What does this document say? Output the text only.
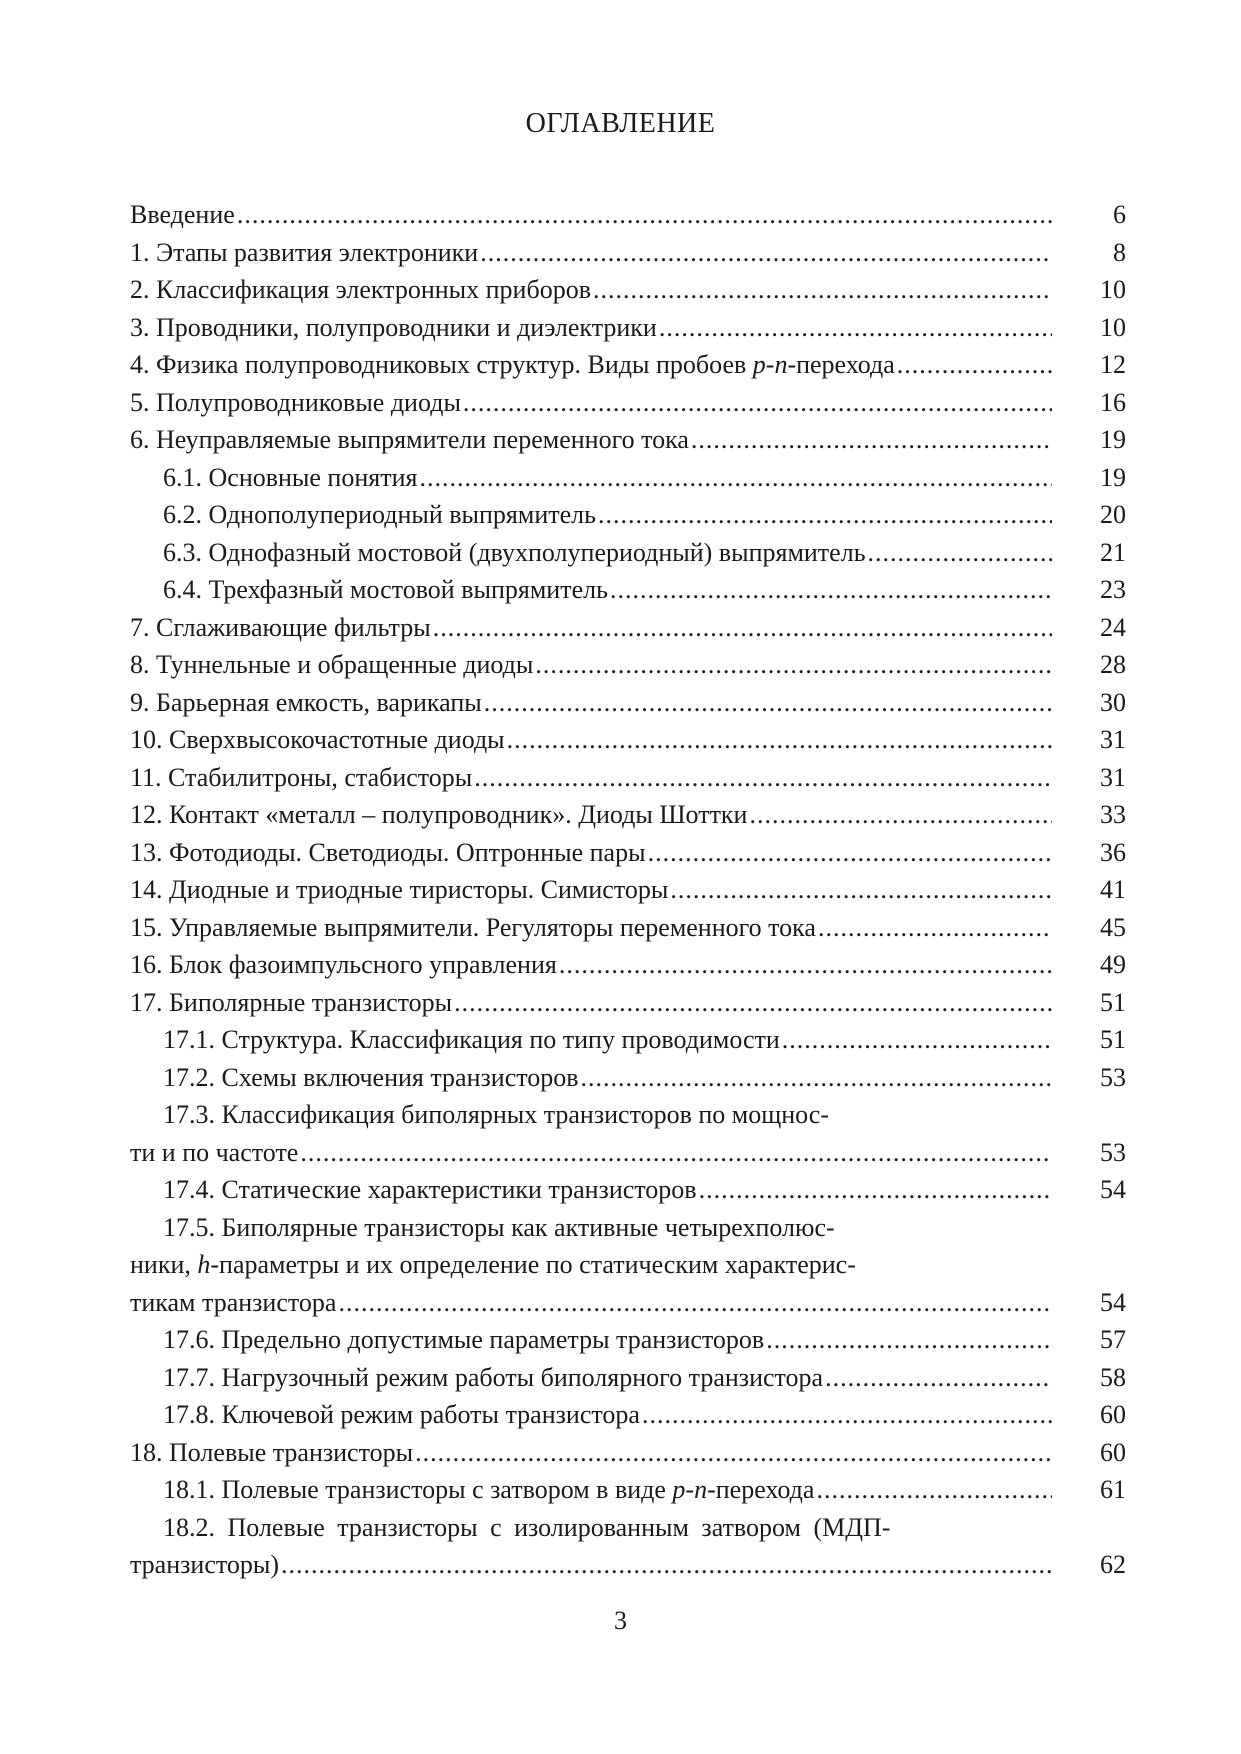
ОГЛАВЛЕНИЕ
Введение .....	6
1. Этапы развития электроники .....	8
2. Классификация электронных приборов .....	10
3. Проводники, полупроводники и диэлектрики .....	10
4. Физика полупроводниковых структур. Виды пробоев p-n-перехода .....	12
5. Полупроводниковые диоды .....	16
6. Неуправляемые выпрямители переменного тока .....	19
6.1. Основные понятия .....	19
6.2. Однополупериодный выпрямитель .....	20
6.3. Однофазный мостовой (двухполупериодный) выпрямитель .....	21
6.4. Трехфазный мостовой выпрямитель .....	23
7. Сглаживающие фильтры .....	24
8. Туннельные и обращенные диоды .....	28
9. Барьерная емкость, варикапы .....	30
10. Сверхвысокочастотные диоды .....	31
11. Стабилитроны, стабисторы .....	31
12. Контакт «металл – полупроводник». Диоды Шоттки .....	33
13. Фотодиоды. Светодиоды. Оптронные пары .....	36
14. Диодные и триодные тиристоры. Симисторы .....	41
15. Управляемые выпрямители. Регуляторы переменного тока .....	45
16. Блок фазоимпульсного управления .....	49
17. Биполярные транзисторы .....	51
17.1. Структура. Классификация по типу проводимости .....	51
17.2. Схемы включения транзисторов .....	53
17.3. Классификация биполярных транзисторов по мощнос-
ти и по частоте .....	53
17.4. Статические характеристики транзисторов .....	54
17.5. Биполярные транзисторы как активные четырехполюс-
ники, h-параметры и их определение по статическим характерис-
тикам транзистора .....	54
17.6. Предельно допустимые параметры транзисторов .....	57
17.7. Нагрузочный режим работы биполярного транзистора .....	58
17.8. Ключевой режим работы транзистора .....	60
18. Полевые транзисторы .....	60
18.1. Полевые транзисторы с затвором в виде p-n-перехода .....	61
18.2. Полевые транзисторы с изолированным затвором (МДП-
транзисторы) .....	62
3
